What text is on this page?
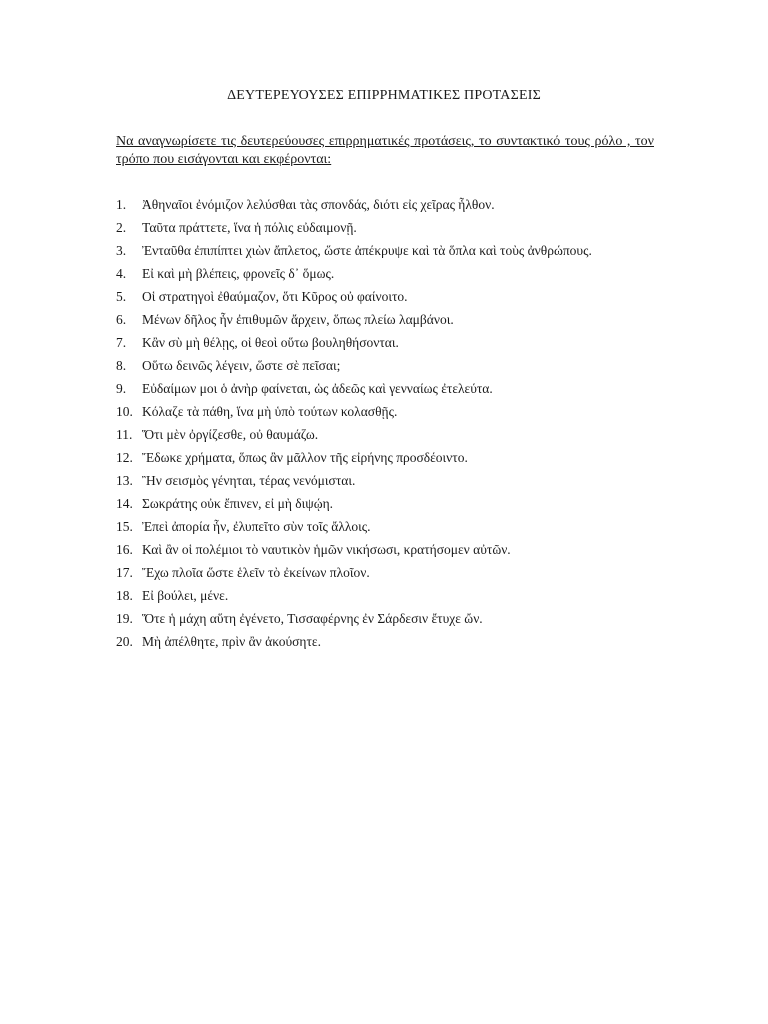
ΔΕΥΤΕΡΕΥΟΥΣΕΣ ΕΠΙΡΡΗΜΑΤΙΚΕΣ ΠΡΟΤΑΣΕΙΣ
Να αναγνωρίσετε τις δευτερεύουσες επιρρηματικές προτάσεις, το συντακτικό τους ρόλο , τον τρόπο που εισάγονται και εκφέρονται:
1. Ἀθηναῖοι ἐνόμιζον λελύσθαι τὰς σπονδάς, διότι εἰς χεῖρας ἦλθον.
2. Ταῦτα πράττετε, ἵνα ἡ πόλις εὐδαιμονῇ.
3. Ἐνταῦθα ἐπιπίπτει χιὼν ἄπλετος, ὥστε ἀπέκρυψε καὶ τὰ ὅπλα καὶ τοὺς ἀνθρώπους.
4. Εἰ καὶ μὴ βλέπεις, φρονεῖς δ᾽ ὅμως.
5. Οἱ στρατηγοὶ ἐθαύμαζον, ὅτι Κῦρος οὐ φαίνοιτο.
6. Μένων δῆλος ἦν ἐπιθυμῶν ἄρχειν, ὅπως πλείω λαμβάνοι.
7. Κἂν σὺ μὴ θέλῃς, οἱ θεοὶ οὕτω βουληθήσονται.
8. Οὕτω δεινῶς λέγειν, ὥστε σὲ πεῖσαι;
9. Εὐδαίμων μοι ὁ ἀνὴρ φαίνεται, ὡς ἀδεῶς καὶ γενναίως ἐτελεύτα.
10. Κόλαζε τὰ πάθη, ἵνα μὴ ὑπὸ τούτων κολασθῇς.
11. Ὅτι μὲν ὀργίζεσθε, οὐ θαυμάζω.
12. Ἔδωκε χρήματα, ὅπως ἂν μᾶλλον τῆς εἰρήνης προσδέοιντο.
13. Ἢν σεισμὸς γένηται, τέρας νενόμισται.
14. Σωκράτης οὐκ ἔπινεν, εἰ μὴ διψῴη.
15. Ἐπεὶ ἀπορία ἦν, ἐλυπεῖτο σὺν τοῖς ἄλλοις.
16. Καὶ ἂν οἱ πολέμιοι τὸ ναυτικὸν ἡμῶν νικήσωσι, κρατήσομεν αὐτῶν.
17. Ἔχω πλοῖα ὥστε ἑλεῖν τὸ ἐκείνων πλοῖον.
18. Εἰ βούλει, μένε.
19. Ὅτε ἡ μάχη αὕτη ἐγένετο, Τισσαφέρνης ἐν Σάρδεσιν ἔτυχε ὤν.
20. Μὴ ἀπέλθητε, πρὶν ἂν ἀκούσητε.
